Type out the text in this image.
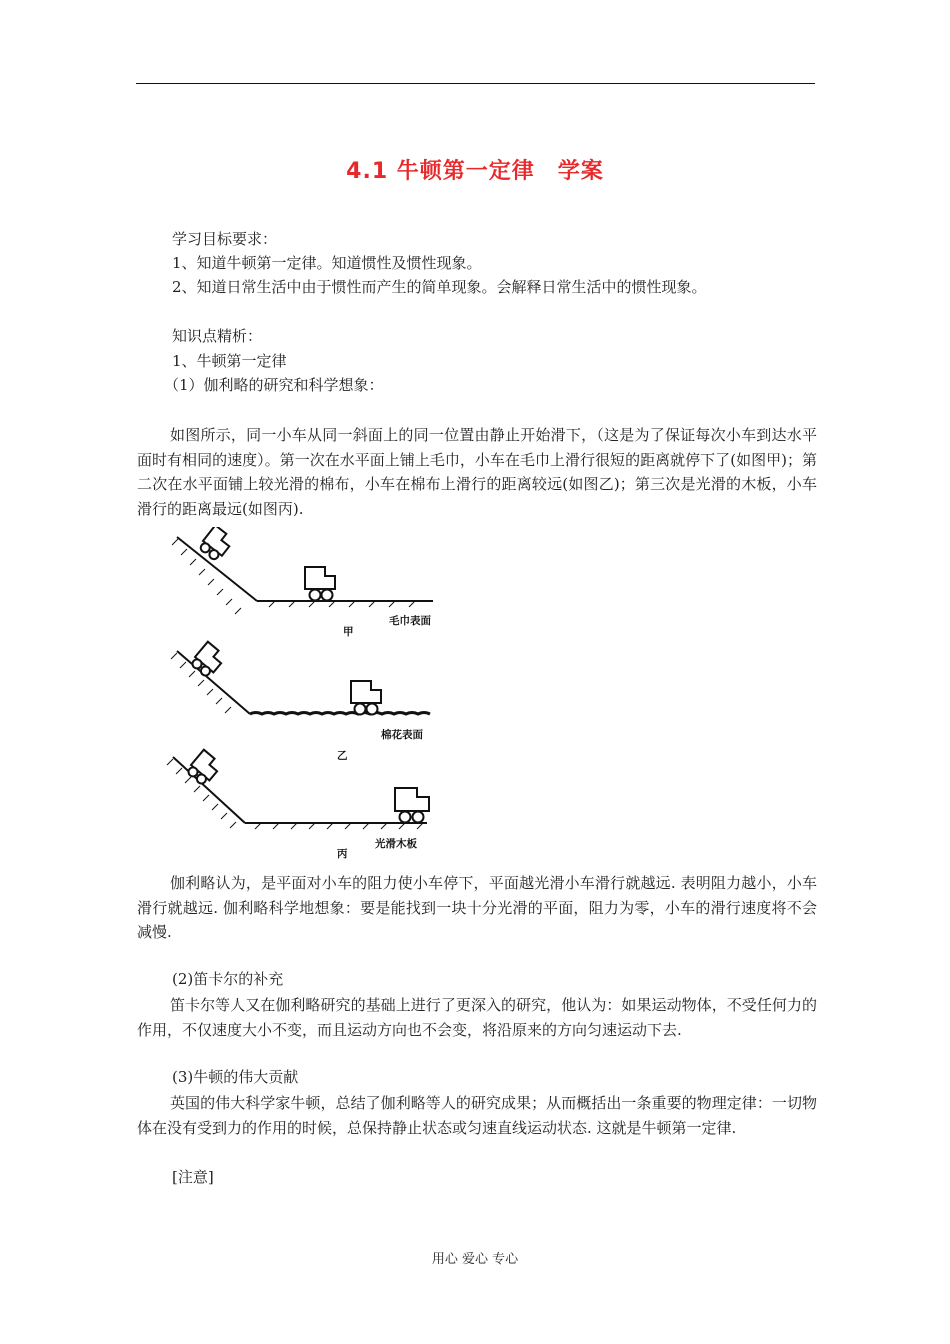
4.1 牛顿第一定律　学案
学习目标要求：
1、知道牛顿第一定律。知道惯性及惯性现象。
2、知道日常生活中由于惯性而产生的简单现象。会解释日常生活中的惯性现象。
知识点精析：
1、牛顿第一定律
（1）伽利略的研究和科学想象：
如图所示，同一小车从同一斜面上的同一位置由静止开始滑下，（这是为了保证每次小车到达水平面时有相同的速度）。第一次在水平面上铺上毛巾，小车在毛巾上滑行很短的距离就停下了(如图甲)；第二次在水平面铺上较光滑的棉布，小车在棉布上滑行的距离较远(如图乙)；第三次是光滑的木板，小车滑行的距离最远(如图丙).
甲
毛巾表面
棉花表面
乙
光滑木板
丙
伽利略认为，是平面对小车的阻力使小车停下，平面越光滑小车滑行就越远. 表明阻力越小，小车滑行就越远. 伽利略科学地想象：要是能找到一块十分光滑的平面，阻力为零，小车的滑行速度将不会减慢.
(2)笛卡尔的补充
笛卡尔等人又在伽利略研究的基础上进行了更深入的研究，他认为：如果运动物体，不受任何力的作用，不仅速度大小不变，而且运动方向也不会变，将沿原来的方向匀速运动下去.
(3)牛顿的伟大贡献
英国的伟大科学家牛顿，总结了伽利略等人的研究成果；从而概括出一条重要的物理定律：一切物体在没有受到力的作用的时候，总保持静止状态或匀速直线运动状态. 这就是牛顿第一定律.
[注意]
用心 爱心 专心
